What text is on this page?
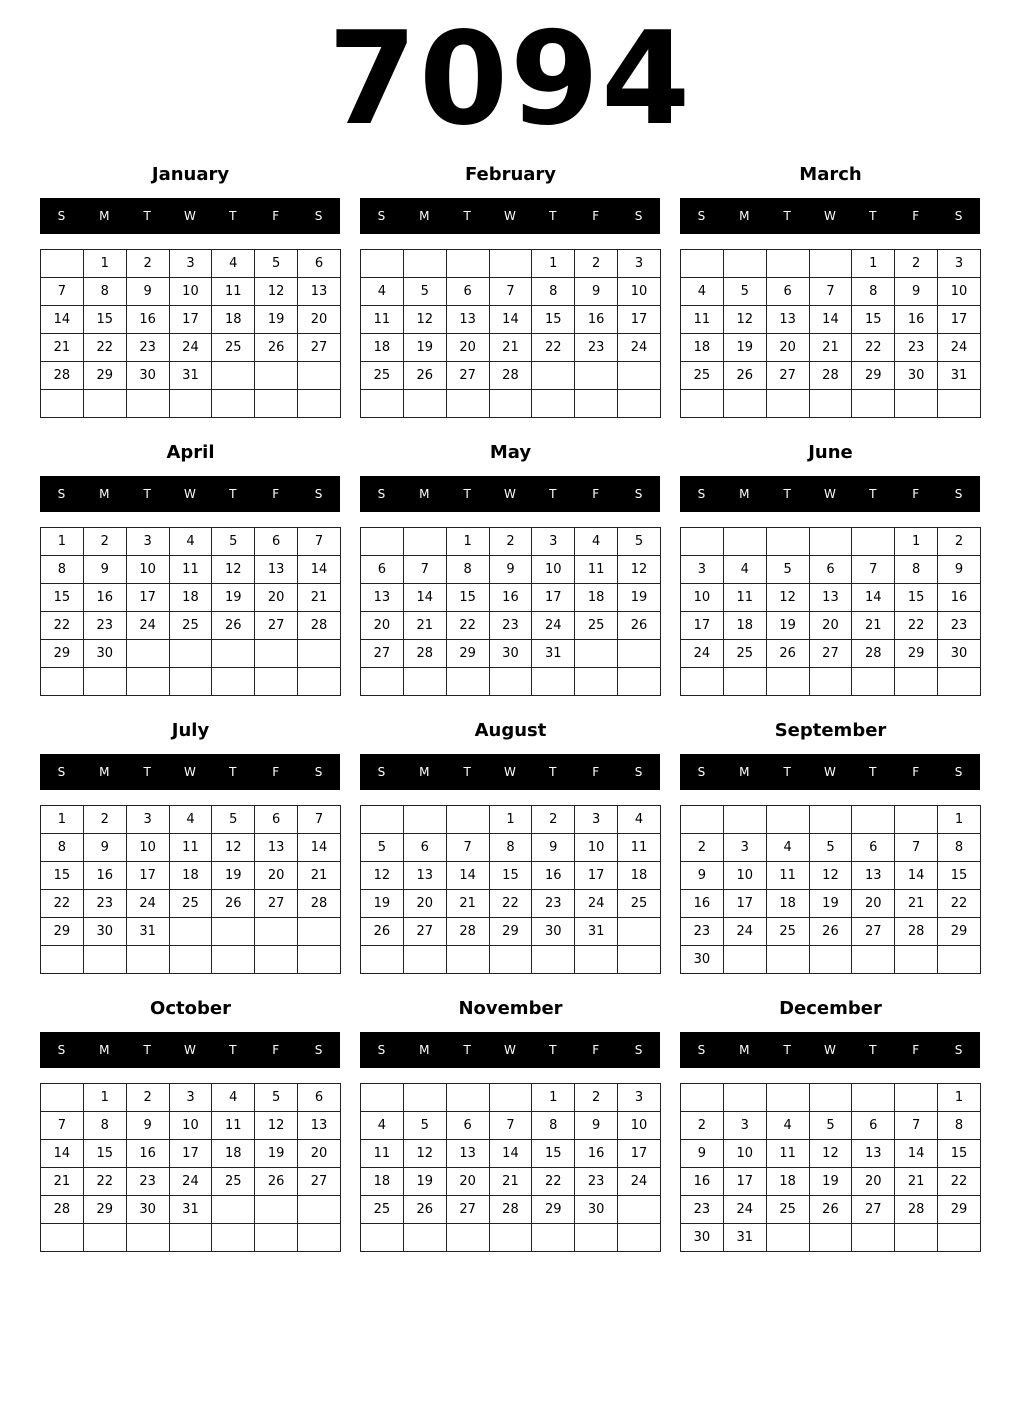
7094
January
S	M	T	W	T	F	S
	1	2	3	4	5	6
7	8	9	10	11	12	13
14	15	16	17	18	19	20
21	22	23	24	25	26	27
28	29	30	31			

February
S	M	T	W	T	F	S
				1	2	3
4	5	6	7	8	9	10
11	12	13	14	15	16	17
18	19	20	21	22	23	24
25	26	27	28			

March
S	M	T	W	T	F	S
				1	2	3
4	5	6	7	8	9	10
11	12	13	14	15	16	17
18	19	20	21	22	23	24
25	26	27	28	29	30	31

April
S	M	T	W	T	F	S
1	2	3	4	5	6	7
8	9	10	11	12	13	14
15	16	17	18	19	20	21
22	23	24	25	26	27	28
29	30					

May
S	M	T	W	T	F	S
		1	2	3	4	5
6	7	8	9	10	11	12
13	14	15	16	17	18	19
20	21	22	23	24	25	26
27	28	29	30	31		

June
S	M	T	W	T	F	S
					1	2
3	4	5	6	7	8	9
10	11	12	13	14	15	16
17	18	19	20	21	22	23
24	25	26	27	28	29	30

July
S	M	T	W	T	F	S
1	2	3	4	5	6	7
8	9	10	11	12	13	14
15	16	17	18	19	20	21
22	23	24	25	26	27	28
29	30	31				

August
S	M	T	W	T	F	S
			1	2	3	4
5	6	7	8	9	10	11
12	13	14	15	16	17	18
19	20	21	22	23	24	25
26	27	28	29	30	31	

September
S	M	T	W	T	F	S
						1
2	3	4	5	6	7	8
9	10	11	12	13	14	15
16	17	18	19	20	21	22
23	24	25	26	27	28	29
30						
October
S	M	T	W	T	F	S
	1	2	3	4	5	6
7	8	9	10	11	12	13
14	15	16	17	18	19	20
21	22	23	24	25	26	27
28	29	30	31			

November
S	M	T	W	T	F	S
				1	2	3
4	5	6	7	8	9	10
11	12	13	14	15	16	17
18	19	20	21	22	23	24
25	26	27	28	29	30	

December
S	M	T	W	T	F	S
						1
2	3	4	5	6	7	8
9	10	11	12	13	14	15
16	17	18	19	20	21	22
23	24	25	26	27	28	29
30	31					
